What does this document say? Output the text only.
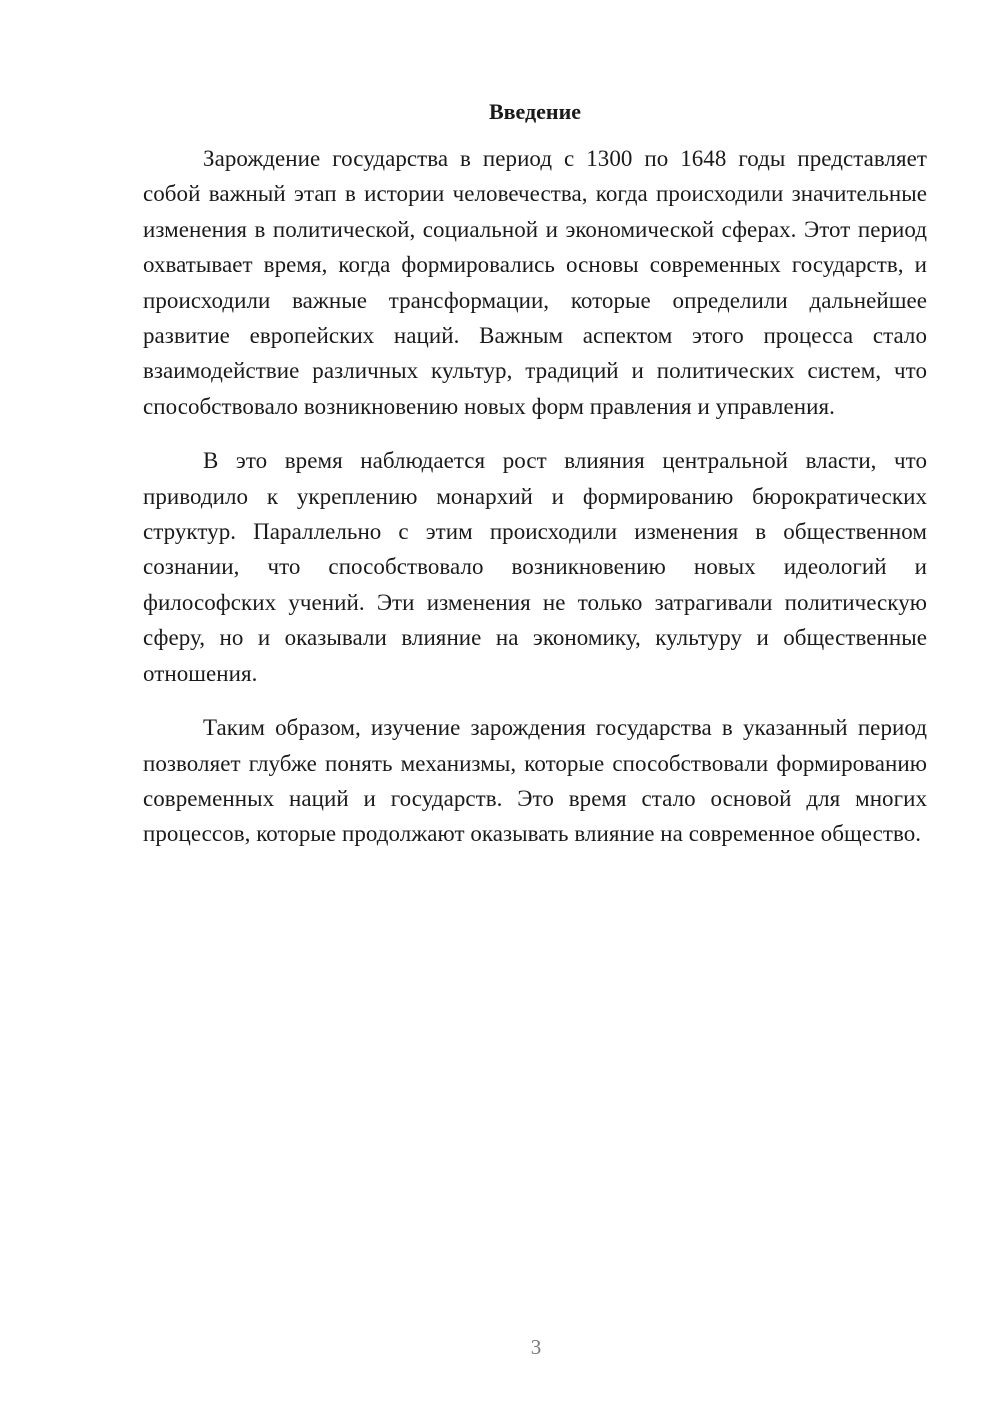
Введение

Зарождение государства в период с 1300 по 1648 годы представляет собой важный этап в истории человечества, когда происходили значительные изменения в политической, социальной и экономической сферах. Этот период охватывает время, когда формировались основы современных государств, и происходили важные трансформации, которые определили дальнейшее развитие европейских наций. Важным аспектом этого процесса стало взаимодействие различных культур, традиций и политических систем, что способствовало возникновению новых форм правления и управления.

В это время наблюдается рост влияния центральной власти, что приводило к укреплению монархий и формированию бюрократических структур. Параллельно с этим происходили изменения в общественном сознании, что способствовало возникновению новых идеологий и философских учений. Эти изменения не только затрагивали политическую сферу, но и оказывали влияние на экономику, культуру и общественные отношения.

Таким образом, изучение зарождения государства в указанный период позволяет глубже понять механизмы, которые способствовали формированию современных наций и государств. Это время стало основой для многих процессов, которые продолжают оказывать влияние на современное общество.

3
